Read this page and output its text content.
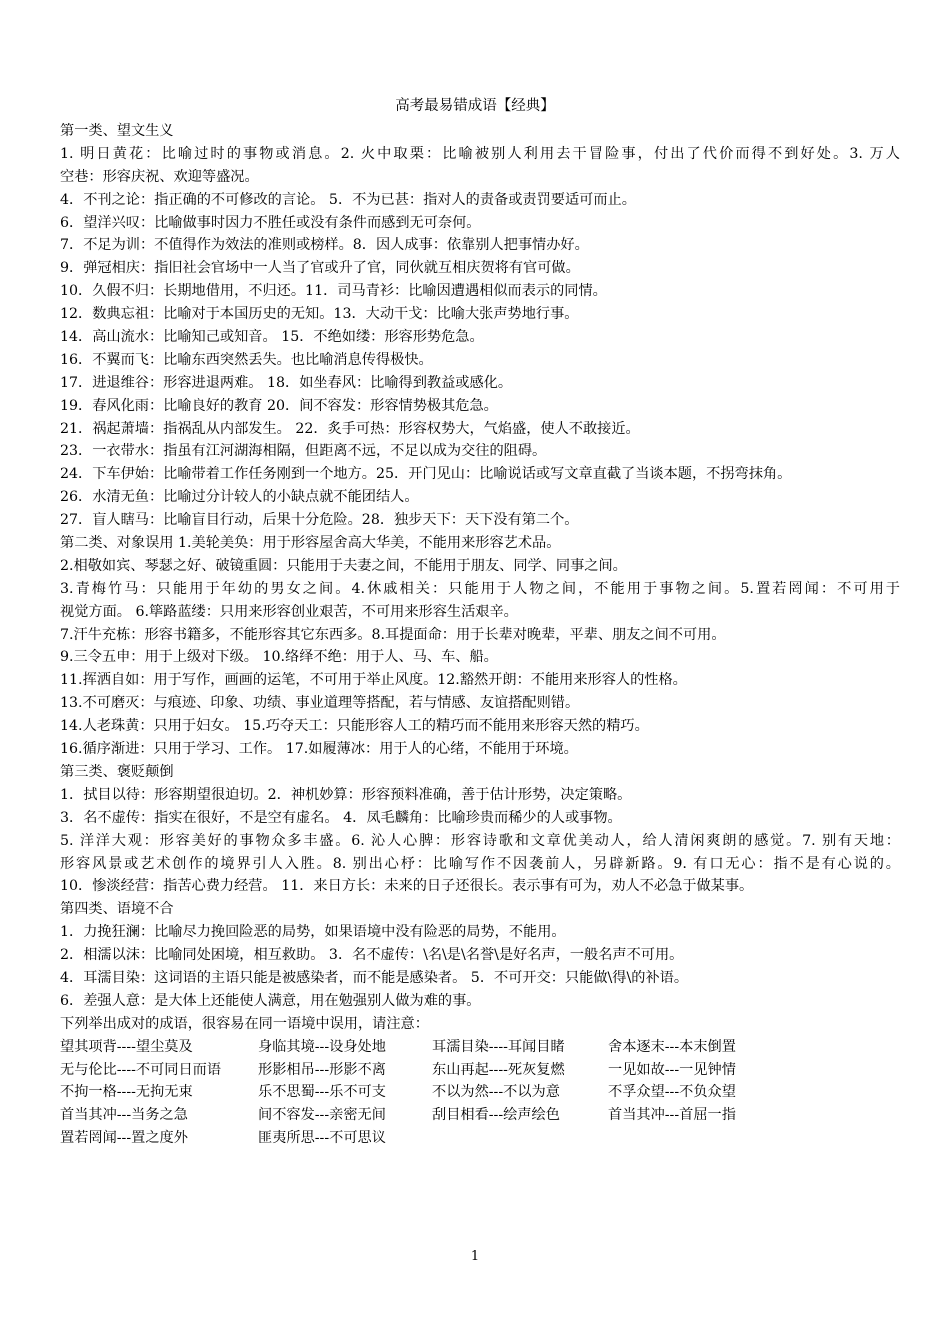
高考最易错成语【经典】
第一类、望文生义
1. 明日黄花：比喻过时的事物或消息。2. 火中取栗：比喻被别人利用去干冒险事，付出了代价而得不到好处。3. 万人
空巷：形容庆祝、欢迎等盛况。
4．不刊之论：指正确的不可修改的言论。 5．不为已甚：指对人的责备或责罚要适可而止。
6．望洋兴叹：比喻做事时因力不胜任或没有条件而感到无可奈何。
7．不足为训：不值得作为效法的准则或榜样。8．因人成事：依靠别人把事情办好。
9．弹冠相庆：指旧社会官场中一人当了官或升了官，同伙就互相庆贺将有官可做。
10．久假不归：长期地借用，不归还。11．司马青衫：比喻因遭遇相似而表示的同情。
12．数典忘祖：比喻对于本国历史的无知。13．大动干戈：比喻大张声势地行事。
14．高山流水：比喻知己或知音。 15．不绝如缕：形容形势危急。
16．不翼而飞：比喻东西突然丢失。也比喻消息传得极快。
17．进退维谷：形容进退两难。 18．如坐春风：比喻得到教益或感化。
19．春风化雨：比喻良好的教育 20．间不容发：形容情势极其危急。
21．祸起萧墙：指祸乱从内部发生。 22．炙手可热：形容权势大，气焰盛，使人不敢接近。
23．一衣带水：指虽有江河湖海相隔，但距离不远，不足以成为交往的阻碍。
24．下车伊始：比喻带着工作任务刚到一个地方。25．开门见山：比喻说话或写文章直截了当谈本题，不拐弯抹角。
26．水清无鱼：比喻过分计较人的小缺点就不能团结人。
27．盲人瞎马：比喻盲目行动，后果十分危险。28．独步天下：天下没有第二个。
第二类、对象误用 1.美轮美奂：用于形容屋舍高大华美，不能用来形容艺术品。
2.相敬如宾、琴瑟之好、破镜重圆：只能用于夫妻之间，不能用于朋友、同学、同事之间。
3.青梅竹马：只能用于年幼的男女之间。4.休戚相关：只能用于人物之间，不能用于事物之间。5.置若罔闻：不可用于
视觉方面。 6.筚路蓝缕：只用来形容创业艰苦，不可用来形容生活艰辛。
7.汗牛充栋：形容书籍多，不能形容其它东西多。8.耳提面命：用于长辈对晚辈，平辈、朋友之间不可用。
9.三令五申：用于上级对下级。 10.络绎不绝：用于人、马、车、船。
11.挥洒自如：用于写作，画画的运笔，不可用于举止风度。12.豁然开朗：不能用来形容人的性格。
13.不可磨灭：与痕迹、印象、功绩、事业道理等搭配，若与情感、友谊搭配则错。
14.人老珠黄：只用于妇女。 15.巧夺天工：只能形容人工的精巧而不能用来形容天然的精巧。
16.循序渐进：只用于学习、工作。 17.如履薄冰：用于人的心绪，不能用于环境。
第三类、褒贬颠倒
1．拭目以待：形容期望很迫切。2．神机妙算：形容预料准确，善于估计形势，决定策略。
3．名不虚传：指实在很好，不是空有虚名。 4．凤毛麟角：比喻珍贵而稀少的人或事物。
5. 洋洋大观：形容美好的事物众多丰盛。6. 沁人心脾：形容诗歌和文章优美动人，给人清闲爽朗的感觉。7. 别有天地：
形容风景或艺术创作的境界引人入胜。8. 别出心杼：比喻写作不因袭前人，另辟新路。9. 有口无心：指不是有心说的。
10．惨淡经营：指苦心费力经营。 11．来日方长：未来的日子还很长。表示事有可为，劝人不必急于做某事。
第四类、语境不合
1．力挽狂澜：比喻尽力挽回险恶的局势，如果语境中没有险恶的局势，不能用。
2．相濡以沫：比喻同处困境，相互救助。 3．名不虚传：\名\是\名誉\是好名声，一般名声不可用。
4．耳濡目染：这词语的主语只能是被感染者，而不能是感染者。 5．不可开交：只能做\得\的补语。
6．差强人意：是大体上还能使人满意，用在勉强别人做为难的事。
下列举出成对的成语，很容易在同一语境中误用，请注意：
望其项背----望尘莫及	身临其境---设身处地	耳濡目染----耳闻目睹	舍本逐末---本末倒置
无与伦比----不可同日而语	形影相吊---形影不离	东山再起----死灰复燃	一见如故---一见钟情
不拘一格----无拘无束	乐不思蜀---乐不可支	不以为然---不以为意	不孚众望---不负众望
首当其冲---当务之急	间不容发---亲密无间	刮目相看---绘声绘色	首当其冲---首屈一指
置若罔闻---置之度外	匪夷所思---不可思议
1
